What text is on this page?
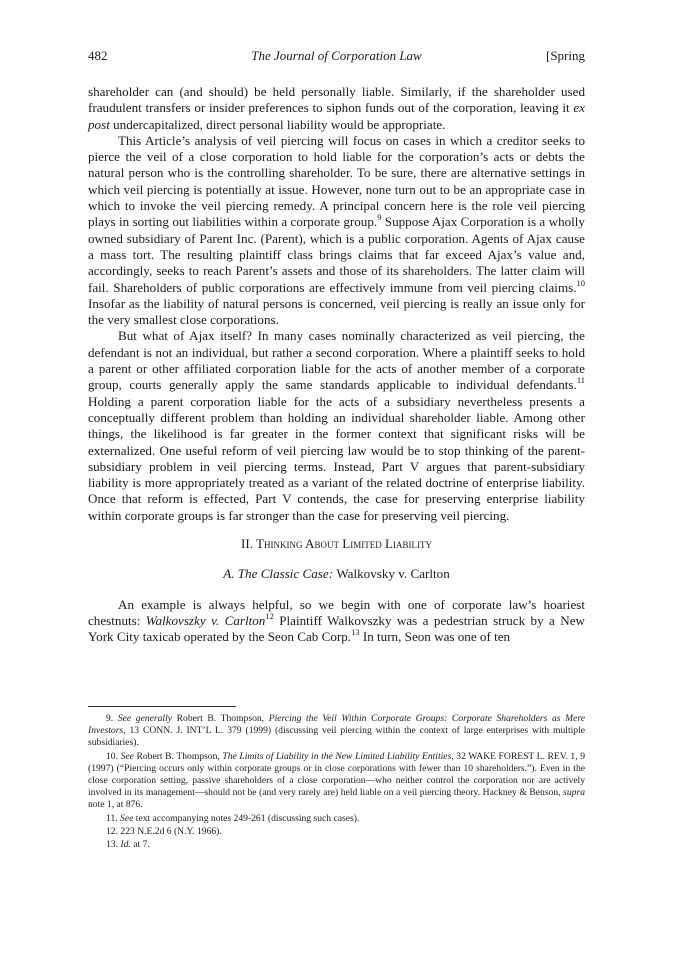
482	The Journal of Corporation Law	[Spring

shareholder can (and should) be held personally liable. Similarly, if the shareholder used fraudulent transfers or insider preferences to siphon funds out of the corporation, leaving it ex post undercapitalized, direct personal liability would be appropriate.

This Article’s analysis of veil piercing will focus on cases in which a creditor seeks to pierce the veil of a close corporation to hold liable for the corporation’s acts or debts the natural person who is the controlling shareholder. To be sure, there are alternative settings in which veil piercing is potentially at issue. However, none turn out to be an appropriate case in which to invoke the veil piercing remedy. A principal concern here is the role veil piercing plays in sorting out liabilities within a corporate group.$^9$ Suppose Ajax Corporation is a wholly owned subsidiary of Parent Inc. (Parent), which is a public corporation. Agents of Ajax cause a mass tort. The resulting plaintiff class brings claims that far exceed Ajax’s value and, accordingly, seeks to reach Parent’s assets and those of its shareholders. The latter claim will fail. Shareholders of public corporations are effectively immune from veil piercing claims.$^{10}$ Insofar as the liability of natural persons is concerned, veil piercing is really an issue only for the very smallest close corporations.

But what of Ajax itself? In many cases nominally characterized as veil piercing, the defendant is not an individual, but rather a second corporation. Where a plaintiff seeks to hold a parent or other affiliated corporation liable for the acts of another member of a corporate group, courts generally apply the same standards applicable to individual defendants.$^{11}$ Holding a parent corporation liable for the acts of a subsidiary nevertheless presents a conceptually different problem than holding an individual shareholder liable. Among other things, the likelihood is far greater in the former context that significant risks will be externalized. One useful reform of veil piercing law would be to stop thinking of the parent-subsidiary problem in veil piercing terms. Instead, Part V argues that parent-subsidiary liability is more appropriately treated as a variant of the related doctrine of enterprise liability. Once that reform is effected, Part V contends, the case for preserving enterprise liability within corporate groups is far stronger than the case for preserving veil piercing.

II. Thinking About Limited Liability

A. The Classic Case: Walkovsky v. Carlton

An example is always helpful, so we begin with one of corporate law’s hoariest chestnuts: Walkovszky v. Carlton$^{12}$ Plaintiff Walkovszky was a pedestrian struck by a New York City taxicab operated by the Seon Cab Corp.$^{13}$ In turn, Seon was one of ten

9. See generally Robert B. Thompson, Piercing the Veil Within Corporate Groups: Corporate Shareholders as Mere Investors, 13 CONN. J. INT’L L. 379 (1999) (discussing veil piercing within the context of large enterprises with multiple subsidiaries).

10. See Robert B. Thompson, The Limits of Liability in the New Limited Liability Entities, 32 WAKE FOREST L. REV. 1, 9 (1997) (“Piercing occurs only within corporate groups or in close corporations with fewer than 10 shareholders.”). Even in the close corporation setting, passive shareholders of a close corporation—who neither control the corporation nor are actively involved in its management—should not be (and very rarely are) held liable on a veil piercing theory. Hackney & Benson, supra note 1, at 876.

11. See text accompanying notes 249-261 (discussing such cases).

12. 223 N.E.2d 6 (N.Y. 1966).

13. Id. at 7.
